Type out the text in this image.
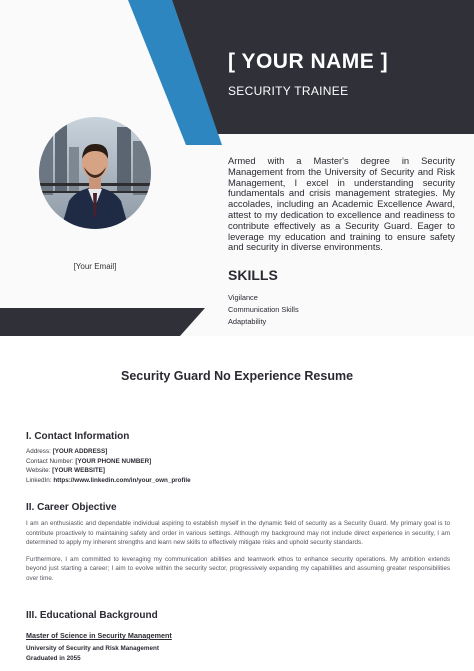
[ YOUR NAME ]
SECURITY TRAINEE
[Your Email]
Armed with a Master's degree in Security Management from the University of Security and Risk Management, I excel in understanding security fundamentals and crisis management strategies. My accolades, including an Academic Excellence Award, attest to my dedication to excellence and readiness to contribute effectively as a Security Guard. Eager to leverage my education and training to ensure safety and security in diverse environments.
SKILLS
Vigilance
Communication Skills
Adaptability
Security Guard No Experience Resume
I. Contact Information
Address: [YOUR ADDRESS]
Contact Number: [YOUR PHONE NUMBER]
Website: [YOUR WEBSITE]
LinkedIn: https://www.linkedin.com/in/your_own_profile
II. Career Objective
I am an enthusiastic and dependable individual aspiring to establish myself in the dynamic field of security as a Security Guard. My primary goal is to contribute proactively to maintaining safety and order in various settings. Although my background may not include direct experience in security, I am determined to apply my inherent strengths and learn new skills to effectively mitigate risks and uphold security standards.
Furthermore, I am committed to leveraging my communication abilities and teamwork ethos to enhance security operations. My ambition extends beyond just starting a career; I aim to evolve within the security sector, progressively expanding my capabilities and assuming greater responsibilities over time.
III. Educational Background
Master of Science in Security Management
University of Security and Risk Management
Graduated in 2055
